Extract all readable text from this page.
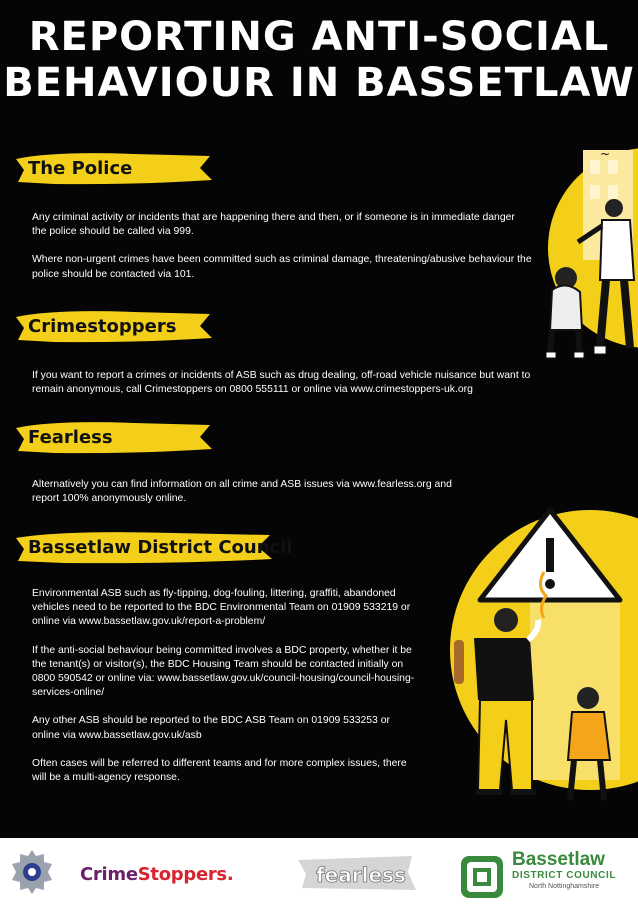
REPORTING ANTI-SOCIAL
BEHAVIOUR IN BASSETLAW
The Police

Any criminal activity or incidents that are happening there and then, or if someone is in immediate danger the police should be called via 999.

Where non-urgent crimes have been committed such as criminal damage, threatening/abusive behaviour the police should be contacted via 101.

Crimestoppers

If you want to report a crimes or incidents of ASB such as drug dealing, off-road vehicle nuisance but want to remain anonymous, call Crimestoppers on 0800 555111 or online via www.crimestoppers-uk.org

Fearless

Alternatively you can find information on all crime and ASB issues via www.fearless.org and report 100% anonymously online.

Bassetlaw District Council

Environmental ASB such as fly-tipping, dog-fouling, littering, graffiti, abandoned vehicles need to be reported to the BDC Environmental Team on 01909 533219 or online via www.bassetlaw.gov.uk/report-a-problem/

If the anti-social behaviour being committed involves a BDC property, whether it be the tenant(s) or visitor(s), the BDC Housing Team should be contacted initially on 0800 590542 or online via: www.bassetlaw.gov.uk/council-housing/council-housing-services-online/

Any other ASB should be reported to the BDC ASB Team on 01909 533253 or online via www.bassetlaw.gov.uk/asb

Often cases will be referred to different teams and for more complex issues, there will be a multi-agency response.

~
CrimeStoppers.	fearless
Bassetlaw
DISTRICT COUNCIL
North Nottinghamshire
